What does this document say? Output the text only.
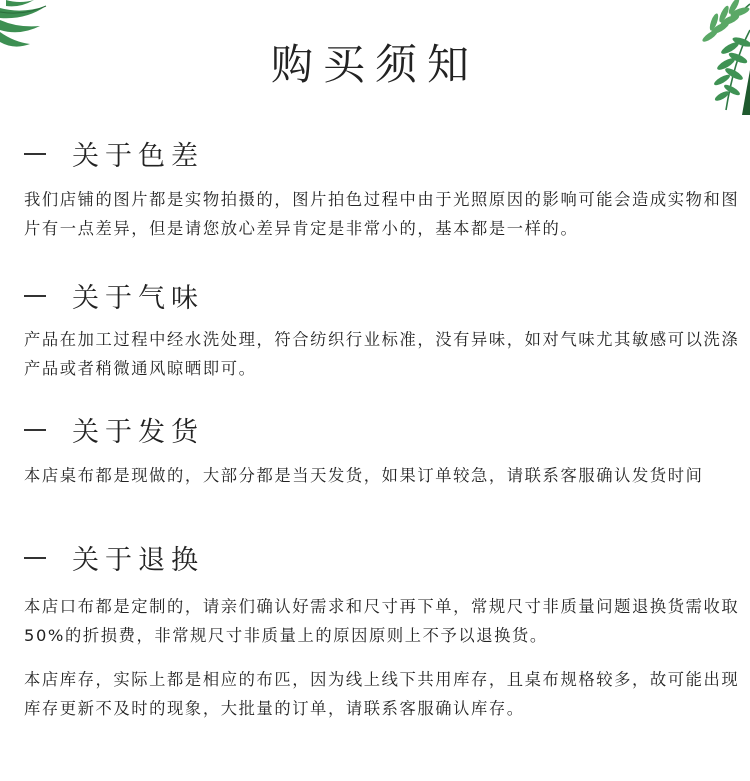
购买须知
关于色差

我们店铺的图片都是实物拍摄的，图片拍色过程中由于光照原因的影响可能会造成实物和图片有一点差异，但是请您放心差异肯定是非常小的，基本都是一样的。

关于气味

产品在加工过程中经水洗处理，符合纺织行业标准，没有异味，如对气味尤其敏感可以洗涤产品或者稍微通风晾晒即可。

关于发货

本店桌布都是现做的，大部分都是当天发货，如果订单较急，请联系客服确认发货时间

关于退换

本店口布都是定制的，请亲们确认好需求和尺寸再下单，常规尺寸非质量问题退换货需收取50%的折损费，非常规尺寸非质量上的原因原则上不予以退换货。

本店库存，实际上都是相应的布匹，因为线上线下共用库存，且桌布规格较多，故可能出现库存更新不及时的现象，大批量的订单，请联系客服确认库存。
